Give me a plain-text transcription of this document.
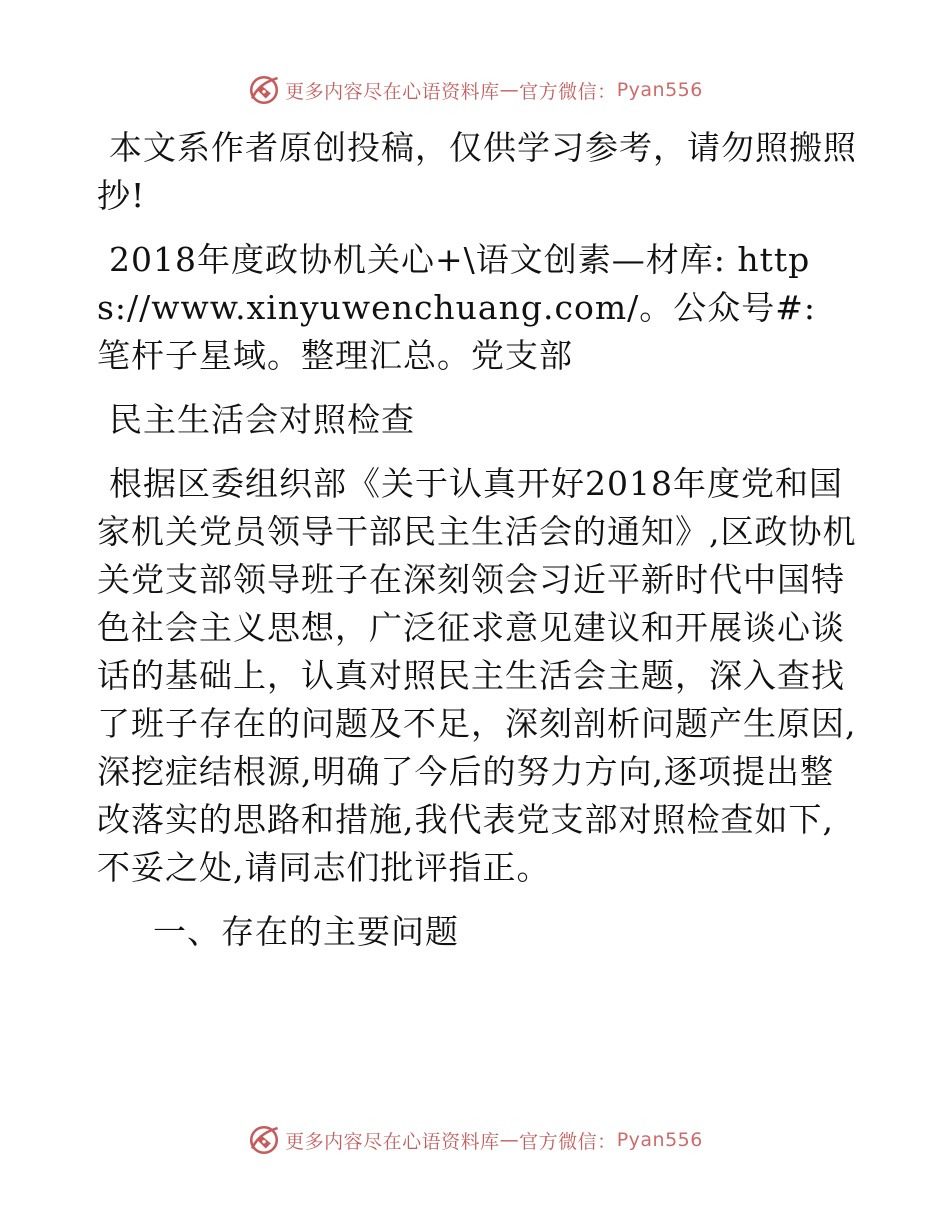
更多内容尽在心语资料库 — 官方微信： Pyan556

本文系作者原创投稿，仅供学习参考，请勿照搬照抄!

2018年度政协机关心+\语文创素—材库: https://www.xinyuwenchuang.com/。公众号#: 笔杆子星域。整理汇总。党支部

民主生活会对照检查

根据区委组织部《关于认真开好2018年度党和国家机关党员领导干部民主生活会的通知》,区政协机关党支部领导班子在深刻领会习近平新时代中国特色社会主义思想，广泛征求意见建议和开展谈心谈话的基础上，认真对照民主生活会主题，深入查找了班子存在的问题及不足，深刻剖析问题产生原因,深挖症结根源,明确了今后的努力方向,逐项提出整改落实的思路和措施,我代表党支部对照检查如下,不妥之处,请同志们批评指正。

一、存在的主要问题

更多内容尽在心语资料库 — 官方微信： Pyan556
